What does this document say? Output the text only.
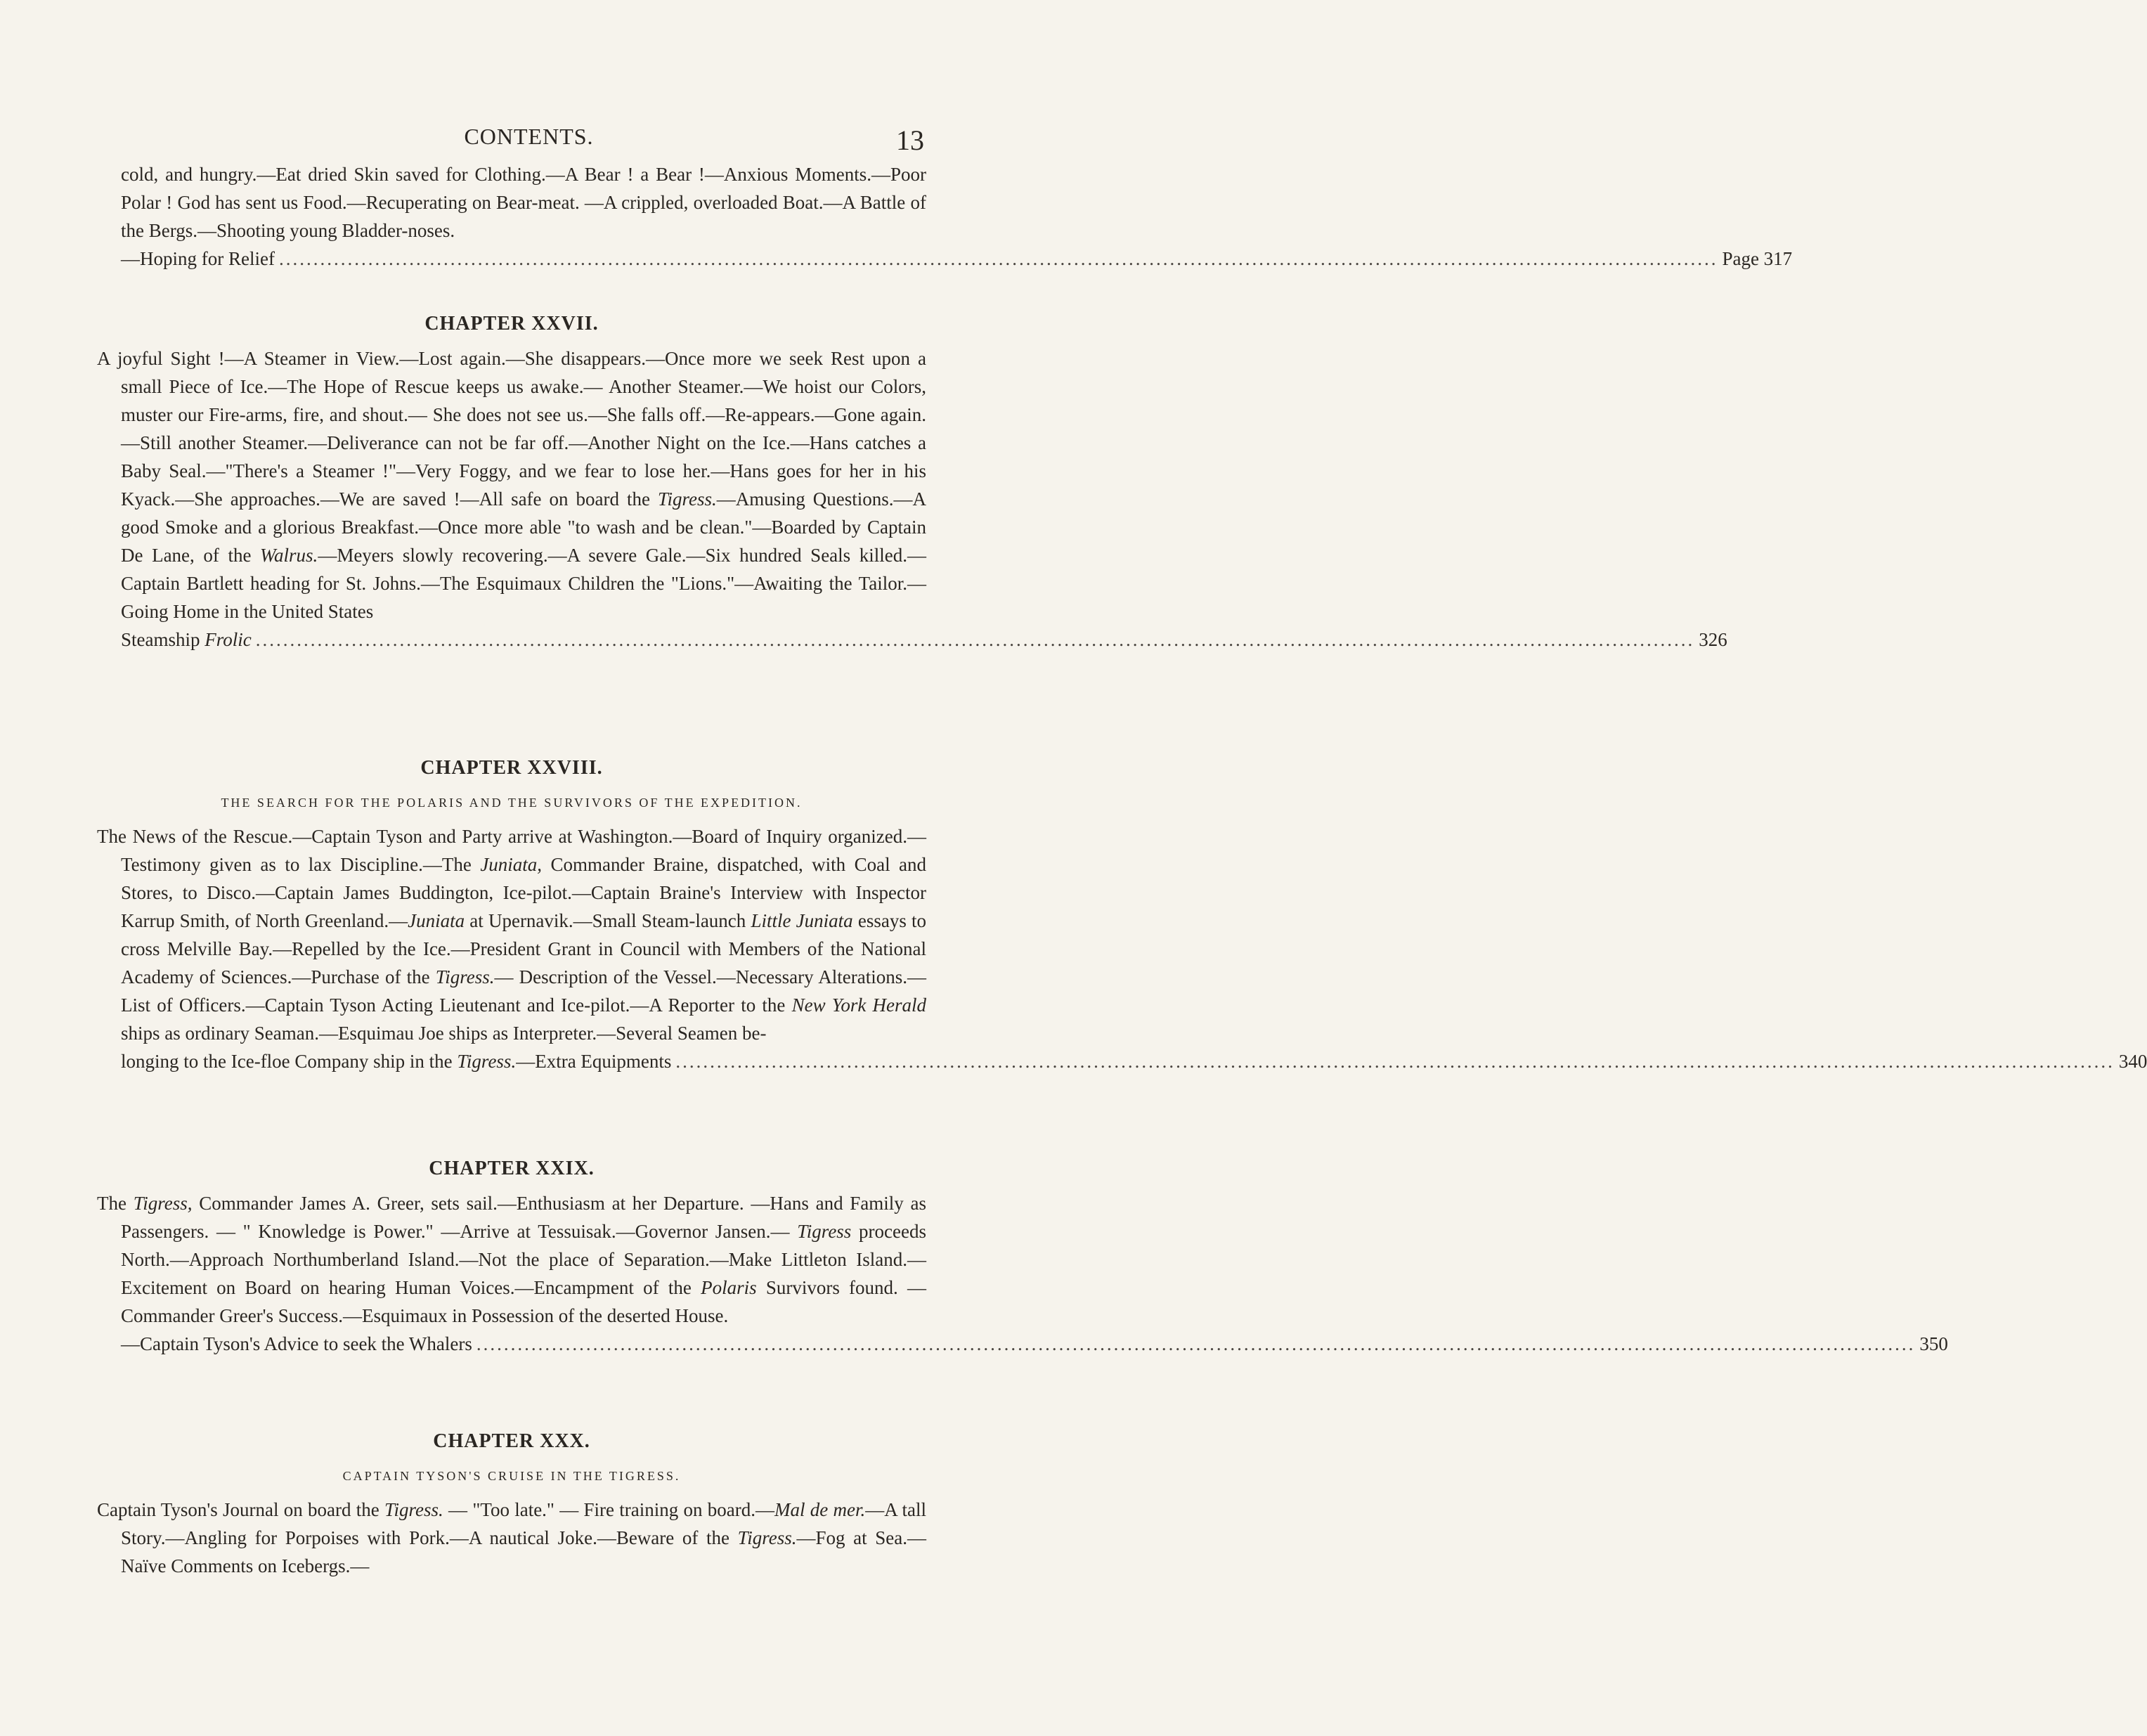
CONTENTS.	13

cold, and hungry.—Eat dried Skin saved for Clothing.—A Bear ! a Bear !—Anxious Moments.—Poor Polar ! God has sent us Food.—Recuperating on Bear-meat. —A crippled, overloaded Boat.—A Battle of the Bergs.—Shooting young Bladder-noses.

—Hoping for Relief .................................................................................................................................................................................................................. Page 317
CHAPTER XXVII.

A joyful Sight !—A Steamer in View.—Lost again.—She disappears.—Once more we seek Rest upon a small Piece of Ice.—The Hope of Rescue keeps us awake.— Another Steamer.—We hoist our Colors, muster our Fire-arms, fire, and shout.— She does not see us.—She falls off.—Re-appears.—Gone again.—Still another Steamer.—Deliverance can not be far off.—Another Night on the Ice.—Hans catches a Baby Seal.—"There's a Steamer !"—Very Foggy, and we fear to lose her.—Hans goes for her in his Kyack.—She approaches.—We are saved !—All safe on board the Tigress.—Amusing Questions.—A good Smoke and a glorious Breakfast.—Once more able "to wash and be clean."—Boarded by Captain De Lane, of the Walrus.—Meyers slowly recovering.—A severe Gale.—Six hundred Seals killed.—Captain Bartlett heading for St. Johns.—The Esquimaux Children the "Lions."—Awaiting the Tailor.—Going Home in the United States

Steamship Frolic .................................................................................................................................................................................................................. 326
CHAPTER XXVIII.
THE SEARCH FOR THE POLARIS AND THE SURVIVORS OF THE EXPEDITION.

The News of the Rescue.—Captain Tyson and Party arrive at Washington.—Board of Inquiry organized.—Testimony given as to lax Discipline.—The Juniata, Commander Braine, dispatched, with Coal and Stores, to Disco.—Captain James Buddington, Ice-pilot.—Captain Braine's Interview with Inspector Karrup Smith, of North Greenland.—Juniata at Upernavik.—Small Steam-launch Little Juniata essays to cross Melville Bay.—Repelled by the Ice.—President Grant in Council with Members of the National Academy of Sciences.—Purchase of the Tigress.— Description of the Vessel.—Necessary Alterations.—List of Officers.—Captain Tyson Acting Lieutenant and Ice-pilot.—A Reporter to the New York Herald ships as ordinary Seaman.—Esquimau Joe ships as Interpreter.—Several Seamen be-

longing to the Ice-floe Company ship in the Tigress.—Extra Equipments .................................................................................................................................................................................................................. 340
CHAPTER XXIX.

The Tigress, Commander James A. Greer, sets sail.—Enthusiasm at her Departure. —Hans and Family as Passengers. — " Knowledge is Power." —Arrive at Tessuisak.—Governor Jansen.— Tigress proceeds North.—Approach Northumberland Island.—Not the place of Separation.—Make Littleton Island.—Excitement on Board on hearing Human Voices.—Encampment of the Polaris Survivors found. —Commander Greer's Success.—Esquimaux in Possession of the deserted House.

—Captain Tyson's Advice to seek the Whalers .................................................................................................................................................................................................................. 350
CHAPTER XXX.
CAPTAIN TYSON'S CRUISE IN THE TIGRESS.

Captain Tyson's Journal on board the Tigress. — "Too late." — Fire training on board.—Mal de mer.—A tall Story.—Angling for Porpoises with Pork.—A nautical Joke.—Beware of the Tigress.—Fog at Sea.—Naïve Comments on Icebergs.—
